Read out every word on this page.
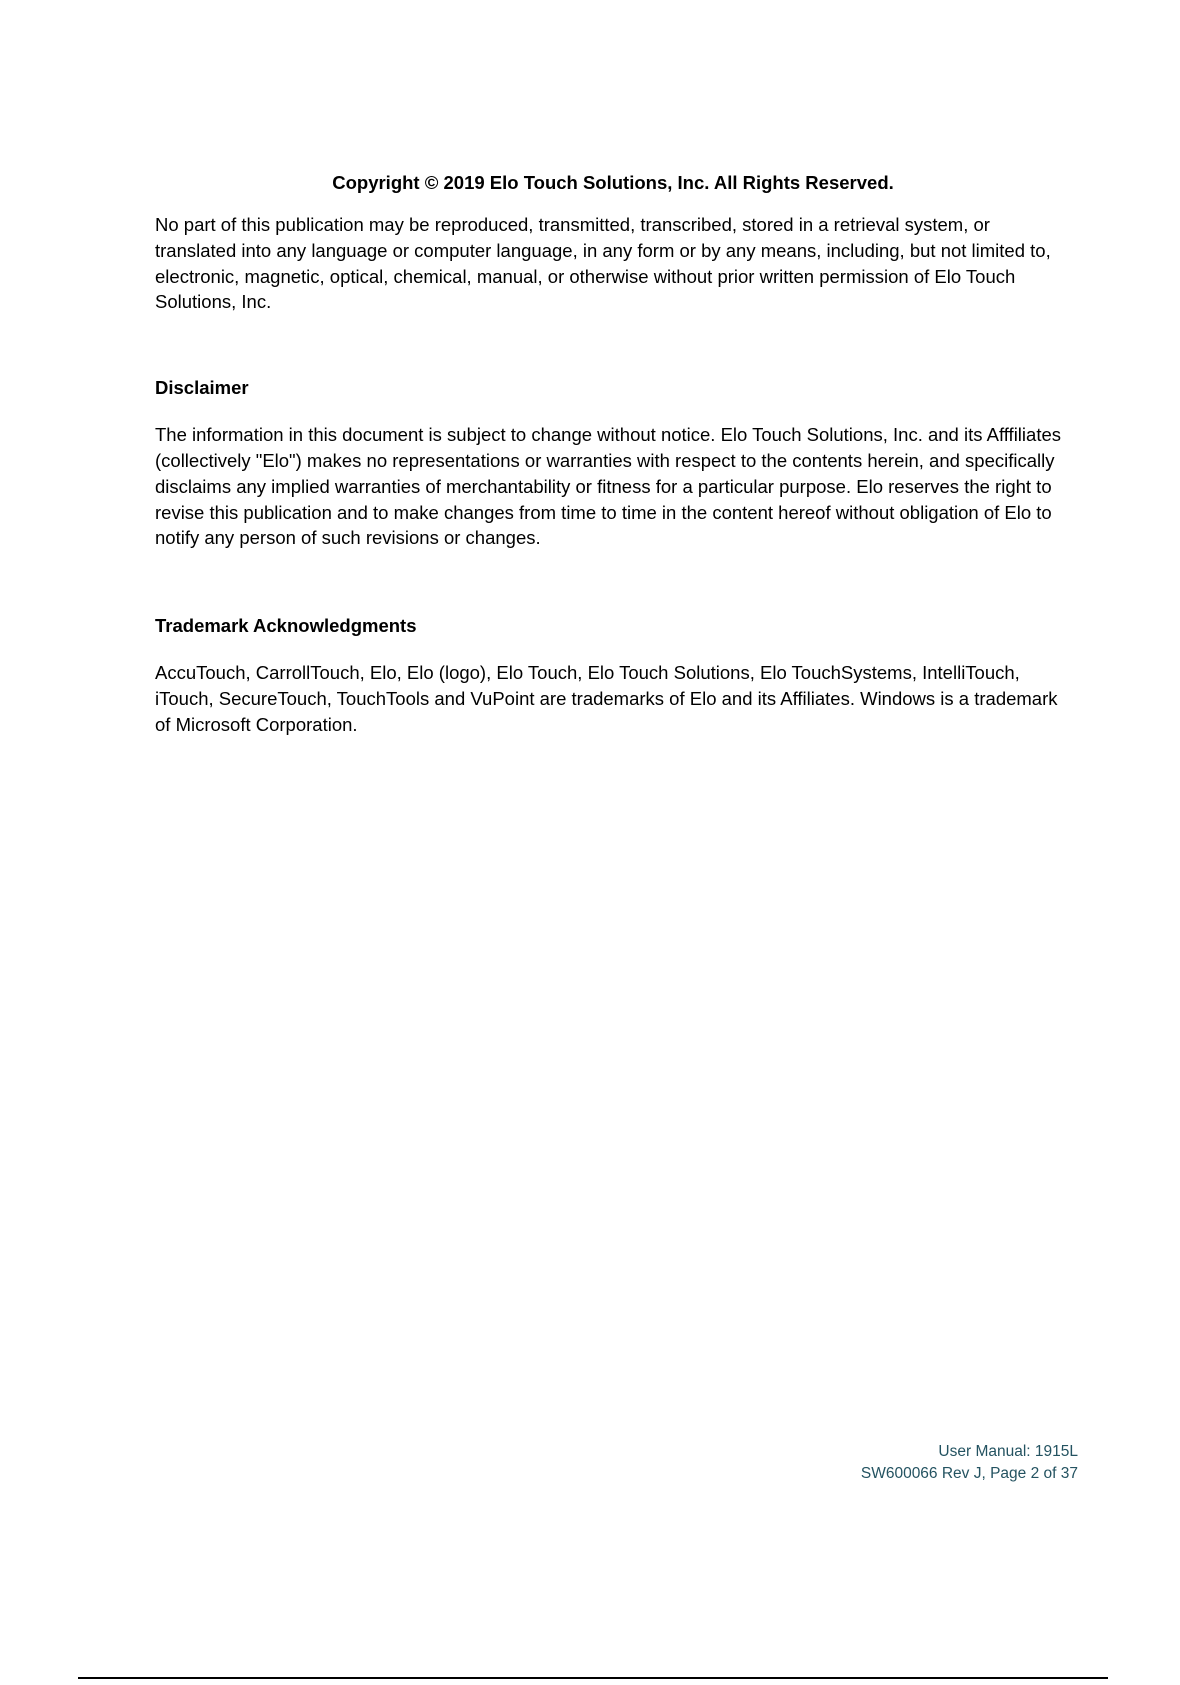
Copyright © 2019 Elo Touch Solutions, Inc. All Rights Reserved.

No part of this publication may be reproduced, transmitted, transcribed, stored in a retrieval system, or translated into any language or computer language, in any form or by any means, including, but not limited to, electronic, magnetic, optical, chemical, manual, or otherwise without prior written permission of Elo Touch Solutions, Inc.

Disclaimer

The information in this document is subject to change without notice. Elo Touch Solutions, Inc. and its Afffiliates (collectively "Elo") makes no representations or warranties with respect to the contents herein, and specifically disclaims any implied warranties of merchantability or fitness for a particular purpose. Elo reserves the right to revise this publication and to make changes from time to time in the content hereof without obligation of Elo to notify any person of such revisions or changes.

Trademark Acknowledgments

AccuTouch, CarrollTouch, Elo, Elo (logo), Elo Touch, Elo Touch Solutions, Elo TouchSystems, IntelliTouch, iTouch, SecureTouch, TouchTools and VuPoint are trademarks of Elo and its Affiliates. Windows is a trademark of Microsoft Corporation.

User Manual: 1915L
SW600066 Rev J, Page 2 of 37
